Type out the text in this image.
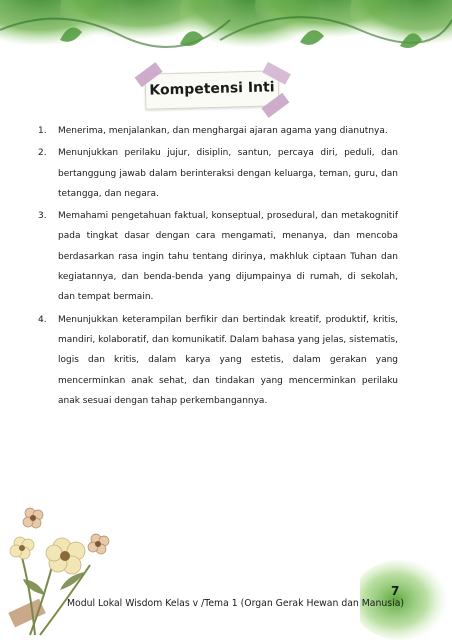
Kompetensi Inti
1. Menerima, menjalankan, dan menghargai ajaran agama yang dianutnya.
2. Menunjukkan perilaku jujur, disiplin, santun, percaya diri, peduli, dan bertanggung jawab dalam berinteraksi dengan keluarga, teman, guru, dan tetangga, dan negara.
3. Memahami pengetahuan faktual, konseptual, prosedural, dan metakognitif pada tingkat dasar dengan cara mengamati, menanya, dan mencoba berdasarkan rasa ingin tahu tentang dirinya, makhluk ciptaan Tuhan dan kegiatannya, dan benda-benda yang dijumpainya di rumah, di sekolah, dan tempat bermain.
4. Menunjukkan keterampilan berfikir dan bertindak kreatif, produktif, kritis, mandiri, kolaboratif, dan komunikatif. Dalam bahasa yang jelas, sistematis, logis dan kritis, dalam karya yang estetis, dalam gerakan yang mencerminkan anak sehat, dan tindakan yang mencerminkan perilaku anak sesuai dengan tahap perkembangannya.
7
Modul Lokal Wisdom Kelas v /Tema 1 (Organ Gerak Hewan dan Manusia)
